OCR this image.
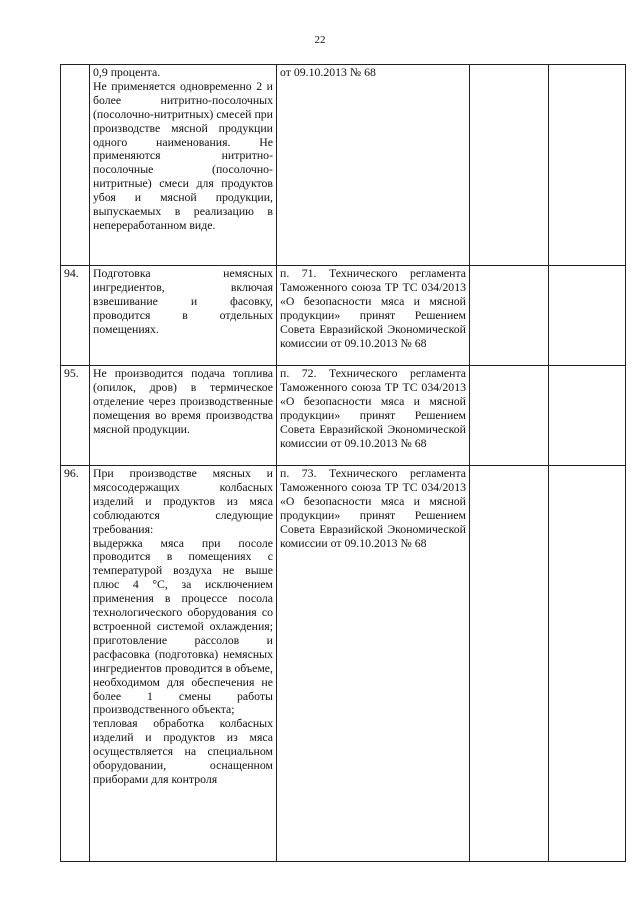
22

	0,9 процента.
Не применяется одновременно 2 и более нитритно-посолочных (посолочно-нитритных) смесей при производстве мясной продукции одного наименования. Не применяются нитритно-посолочные (посолочно-нитритные) смеси для продуктов убоя и мясной продукции, выпускаемых в реализацию в непереработанном виде.	от 09.10.2013 № 68		
94.	Подготовка немясных ингредиентов, включая взвешивание и фасовку, проводится в отдельных помещениях.	п. 71. Технического регламента Таможенного союза ТР ТС 034/2013 «О безопасности мяса и мясной продукции» принят Решением Совета Евразийской Экономической комиссии от 09.10.2013 № 68		
95.	Не производится подача топлива (опилок, дров) в термическое отделение через производственные помещения во время производства мясной продукции.	п. 72. Технического регламента Таможенного союза ТР ТС 034/2013 «О безопасности мяса и мясной продукции» принят Решением Совета Евразийской Экономической комиссии от 09.10.2013 № 68		
96.	При производстве мясных и мясосодержащих колбасных изделий и продуктов из мяса соблюдаются следующие требования:
выдержка мяса при посоле проводится в помещениях с температурой воздуха не выше плюс 4 °С, за исключением применения в процессе посола технологического оборудования со встроенной системой охлаждения; приготовление рассолов и расфасовка (подготовка) немясных ингредиентов проводится в объеме, необходимом для обеспечения не более 1 смены работы производственного объекта;
тепловая обработка колбасных изделий и продуктов из мяса осуществляется на специальном оборудовании, оснащенном приборами для контроля	п. 73. Технического регламента Таможенного союза ТР ТС 034/2013 «О безопасности мяса и мясной продукции» принят Решением Совета Евразийской Экономической комиссии от 09.10.2013 № 68		
